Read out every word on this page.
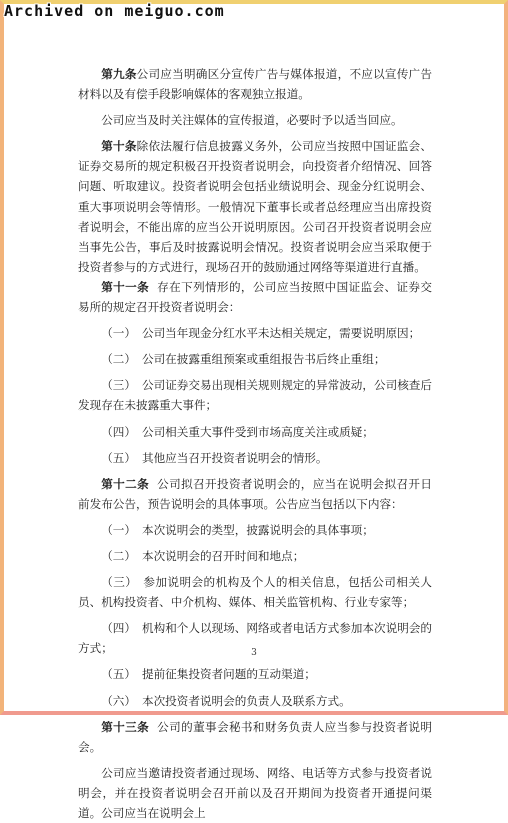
Archived on meiguo.com

第九条公司应当明确区分宣传广告与媒体报道，不应以宣传广告材料以及有偿手段影响媒体的客观独立报道。

公司应当及时关注媒体的宣传报道，必要时予以适当回应。

第十条除依法履行信息披露义务外，公司应当按照中国证监会、证券交易所的规定积极召开投资者说明会，向投资者介绍情况、回答问题、听取建议。投资者说明会包括业绩说明会、现金分红说明会、重大事项说明会等情形。一般情况下董事长或者总经理应当出席投资者说明会，不能出席的应当公开说明原因。公司召开投资者说明会应当事先公告，事后及时披露说明会情况。投资者说明会应当采取便于投资者参与的方式进行，现场召开的鼓励通过网络等渠道进行直播。

第十一条 存在下列情形的，公司应当按照中国证监会、证券交易所的规定召开投资者说明会：

（一） 公司当年现金分红水平未达相关规定，需要说明原因；

（二） 公司在披露重组预案或重组报告书后终止重组；

（三） 公司证券交易出现相关规则规定的异常波动，公司核查后发现存在未披露重大事件；

（四） 公司相关重大事件受到市场高度关注或质疑；

（五） 其他应当召开投资者说明会的情形。

第十二条 公司拟召开投资者说明会的，应当在说明会拟召开日前发布公告，预告说明会的具体事项。公告应当包括以下内容：

（一） 本次说明会的类型，披露说明会的具体事项；

（二） 本次说明会的召开时间和地点；

（三） 参加说明会的机构及个人的相关信息，包括公司相关人员、机构投资者、中介机构、媒体、相关监管机构、行业专家等；

（四） 机构和个人以现场、网络或者电话方式参加本次说明会的方式；

（五） 提前征集投资者问题的互动渠道；

（六） 本次投资者说明会的负责人及联系方式。

第十三条 公司的董事会秘书和财务负责人应当参与投资者说明会。

公司应当邀请投资者通过现场、网络、电话等方式参与投资者说明会，并在投资者说明会召开前以及召开期间为投资者开通提问渠道。公司应当在说明会上

3
